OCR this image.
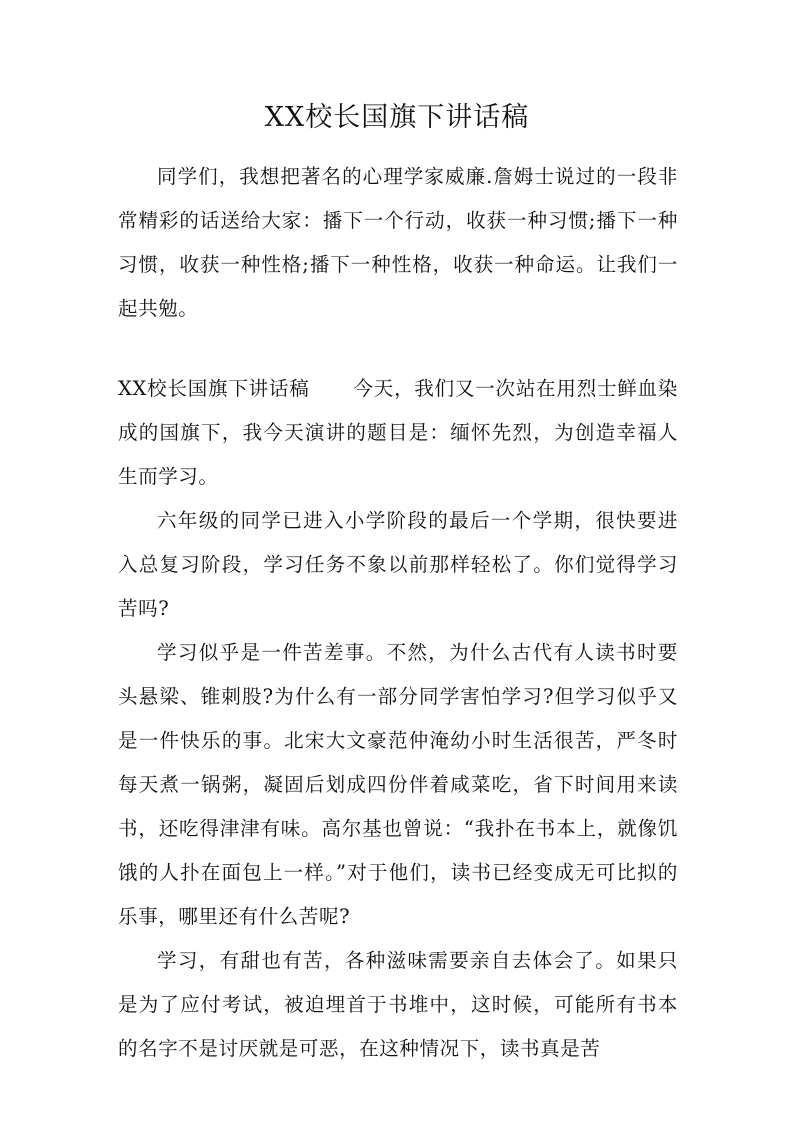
XX校长国旗下讲话稿

同学们，我想把著名的心理学家威廉.詹姆士说过的一段非常精彩的话送给大家：播下一个行动，收获一种习惯;播下一种习惯，收获一种性格;播下一种性格，收获一种命运。让我们一起共勉。

XX校长国旗下讲话稿 今天，我们又一次站在用烈士鲜血染成的国旗下，我今天演讲的题目是：缅怀先烈，为创造幸福人生而学习。

六年级的同学已进入小学阶段的最后一个学期，很快要进入总复习阶段，学习任务不象以前那样轻松了。你们觉得学习苦吗?

学习似乎是一件苦差事。不然，为什么古代有人读书时要头悬梁、锥刺股?为什么有一部分同学害怕学习?但学习似乎又是一件快乐的事。北宋大文豪范仲淹幼小时生活很苦，严冬时每天煮一锅粥，凝固后划成四份伴着咸菜吃，省下时间用来读书，还吃得津津有味。高尔基也曾说：“我扑在书本上，就像饥饿的人扑在面包上一样。”对于他们，读书已经变成无可比拟的乐事，哪里还有什么苦呢?

学习，有甜也有苦，各种滋味需要亲自去体会了。如果只是为了应付考试，被迫埋首于书堆中，这时候，可能所有书本的名字不是讨厌就是可恶，在这种情况下，读书真是苦
